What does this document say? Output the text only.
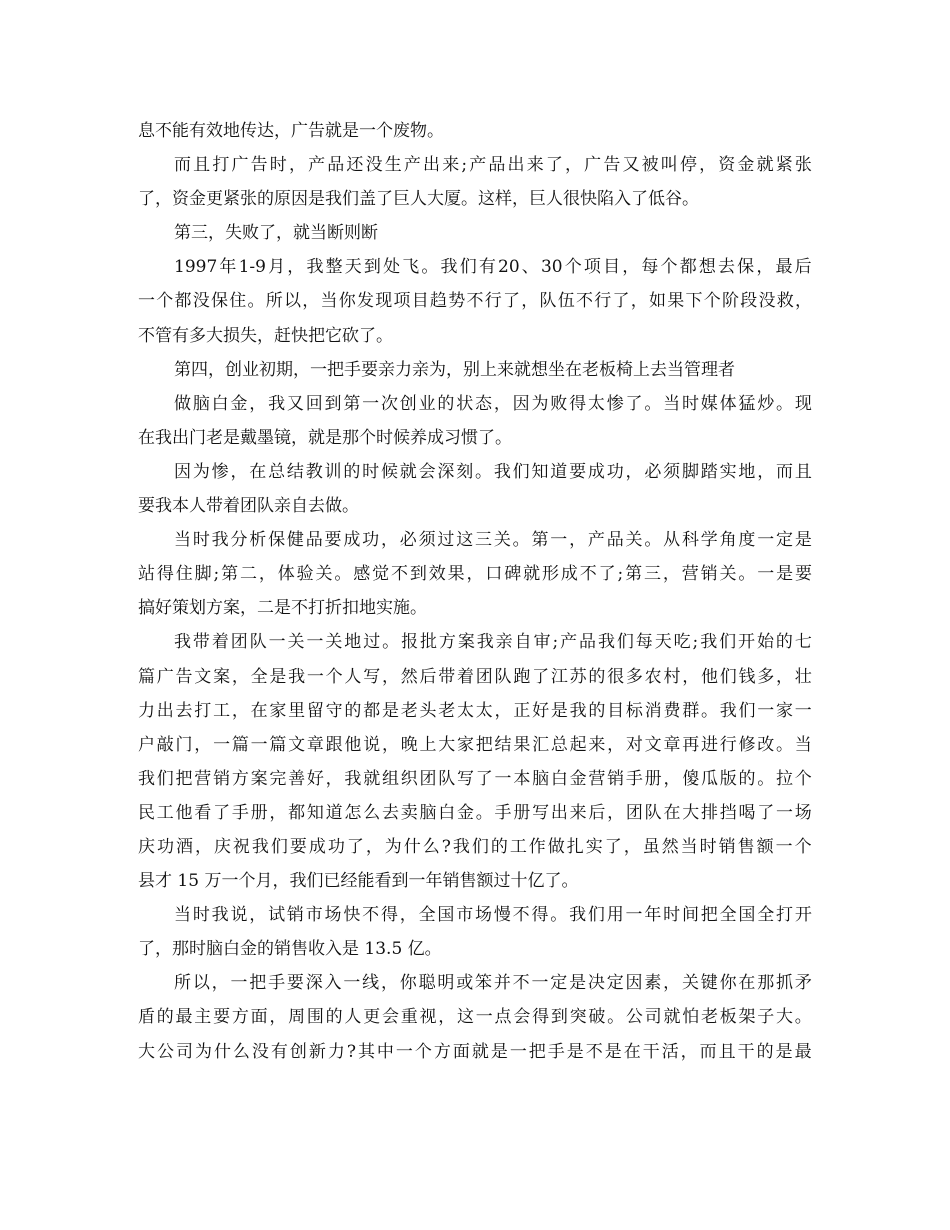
息不能有效地传达，广告就是一个废物。
而 且 打 广 告 时 ， 产 品 还 没 生 产 出 来 ; 产 品 出 来 了 ， 广 告 又 被 叫 停 ， 资 金 就 紧 张
了，资金更紧张的原因是我们盖了巨人大厦。这样，巨人很快陷入了低谷。
第三，失败了，就当断则断
1997 年 1-9 月 ， 我 整 天 到 处 飞 。 我 们 有 20 、 30 个 项 目 ， 每 个 都 想 去 保 ， 最 后
一 个 都 没 保 住 。 所 以 ， 当 你 发 现 项 目 趋 势 不 行 了 ， 队 伍 不 行 了 ， 如 果 下 个 阶 段 没 救 ，
不管有多大损失，赶快把它砍了。
第四，创业初期，一把手要亲力亲为，别上来就想坐在老板椅上去当管理者
做 脑 白 金 ， 我 又 回 到 第 一 次 创 业 的 状 态 ， 因 为 败 得 太 惨 了 。 当 时 媒 体 猛 炒 。 现
在我出门老是戴墨镜，就是那个时候养成习惯了。
因 为 惨 ， 在 总 结 教 训 的 时 候 就 会 深 刻 。 我 们 知 道 要 成 功 ， 必 须 脚 踏 实 地 ， 而 且
要我本人带着团队亲自去做。
当 时 我 分 析 保 健 品 要 成 功 ， 必 须 过 这 三 关 。 第 一 ， 产 品 关 。 从 科 学 角 度 一 定 是
站 得 住 脚 ; 第 二 ， 体 验 关 。 感 觉 不 到 效 果 ， 口 碑 就 形 成 不 了 ; 第 三 ， 营 销 关 。 一 是 要
搞好策划方案，二是不打折扣地实施。
我 带 着 团 队 一 关 一 关 地 过 。 报 批 方 案 我 亲 自 审 ; 产 品 我 们 每 天 吃 ; 我 们 开 始 的 七
篇 广 告 文 案 ， 全 是 我 一 个 人 写 ， 然 后 带 着 团 队 跑 了 江 苏 的 很 多 农 村 ， 他 们 钱 多 ， 壮
力 出 去 打 工 ， 在 家 里 留 守 的 都 是 老 头 老 太 太 ， 正 好 是 我 的 目 标 消 费 群 。 我 们 一 家 一
户 敲 门 ， 一 篇 一 篇 文 章 跟 他 说 ， 晚 上 大 家 把 结 果 汇 总 起 来 ， 对 文 章 再 进 行 修 改 。 当
我 们 把 营 销 方 案 完 善 好 ， 我 就 组 织 团 队 写 了 一 本 脑 白 金 营 销 手 册 ， 傻 瓜 版 的 。 拉 个
民 工 他 看 了 手 册 ， 都 知 道 怎 么 去 卖 脑 白 金 。 手 册 写 出 来 后 ， 团 队 在 大 排 挡 喝 了 一 场
庆 功 酒 ， 庆 祝 我 们 要 成 功 了 ， 为 什 么 ? 我 们 的 工 作 做 扎 实 了 ， 虽 然 当 时 销 售 额 一 个
县才 15 万一个月，我们已经能看到一年销售额过十亿了。
当 时 我 说 ， 试 销 市 场 快 不 得 ， 全 国 市 场 慢 不 得 。 我 们 用 一 年 时 间 把 全 国 全 打 开
了，那时脑白金的销售收入是 13.5 亿。
所 以 ， 一 把 手 要 深 入 一 线 ， 你 聪 明 或 笨 并 不 一 定 是 决 定 因 素 ， 关 键 你 在 那 抓 矛
盾 的 最 主 要 方 面 ， 周 围 的 人 更 会 重 视 ， 这 一 点 会 得 到 突 破 。 公 司 就 怕 老 板 架 子 大 。
大 公 司 为 什 么 没 有 创 新 力 ? 其 中 一 个 方 面 就 是 一 把 手 是 不 是 在 干 活 ， 而 且 干 的 是 最
